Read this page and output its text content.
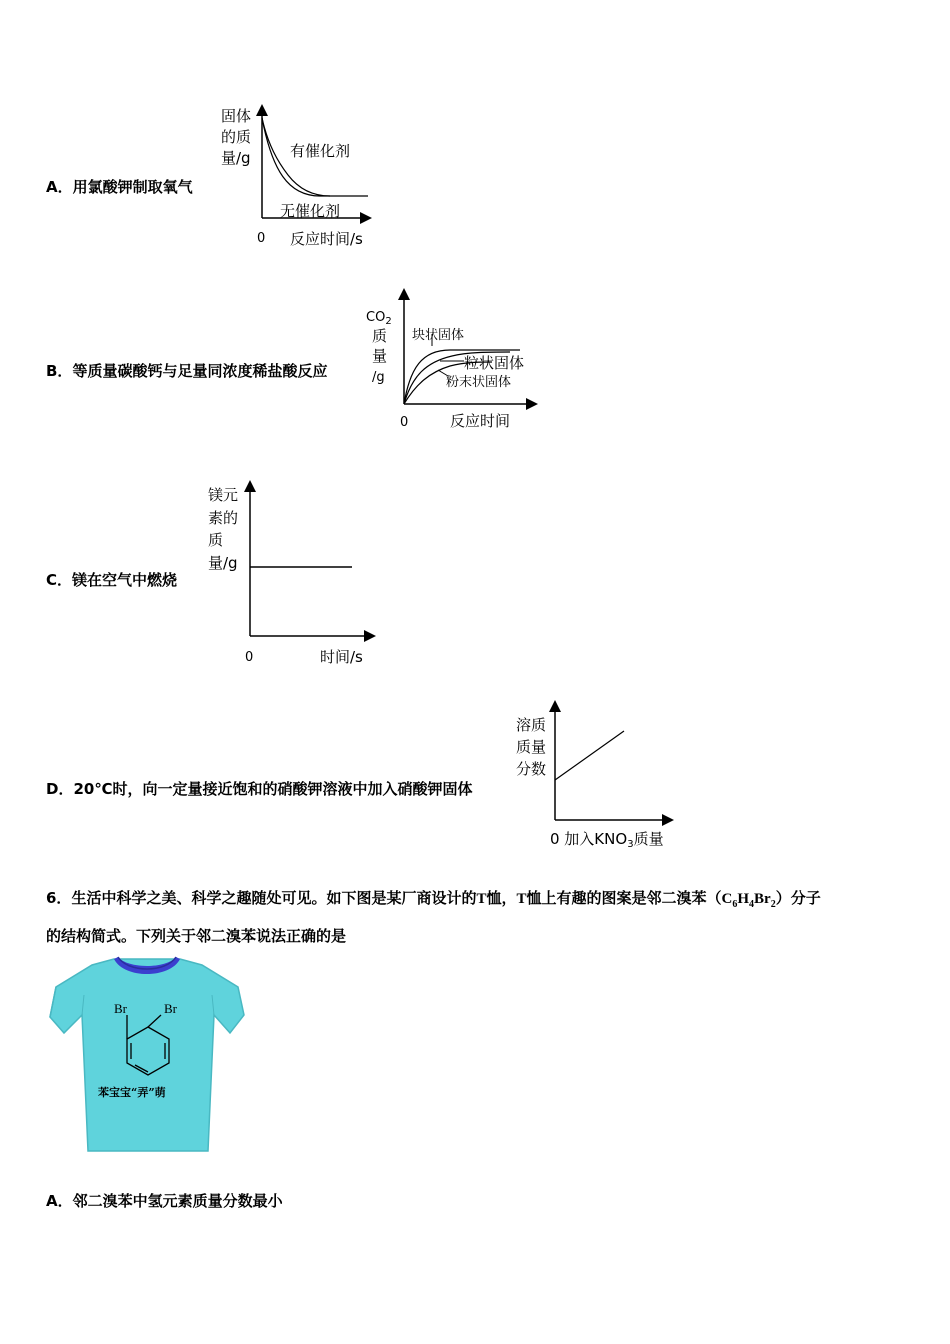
A．用氯酸钾制取氧气
固体
的质
量/g	有催化剂
无催化剂
0 反应时间/s
B．等质量碳酸钙与足量同浓度稀盐酸反应
$CO_2$
质
量
/g
块状固体
粒状固体
粉末状固体
0	反应时间
C．镁在空气中燃烧
镁元
素的
质
量/g
0	时间/s
D．20℃时，向一定量接近饱和的硝酸钾溶液中加入硝酸钾固体
溶质
质量
分数
0 加入$KNO_3$质量
6．生活中科学之美、科学之趣随处可见。如下图是某厂商设计的T恤，T恤上有趣的图案是邻二溴苯$(C_6H_4Br_2)$分子
的结构简式。下列关于邻二溴苯说法正确的是
Br	Br
苯宝宝“弄”萌
A．邻二溴苯中氢元素质量分数最小
